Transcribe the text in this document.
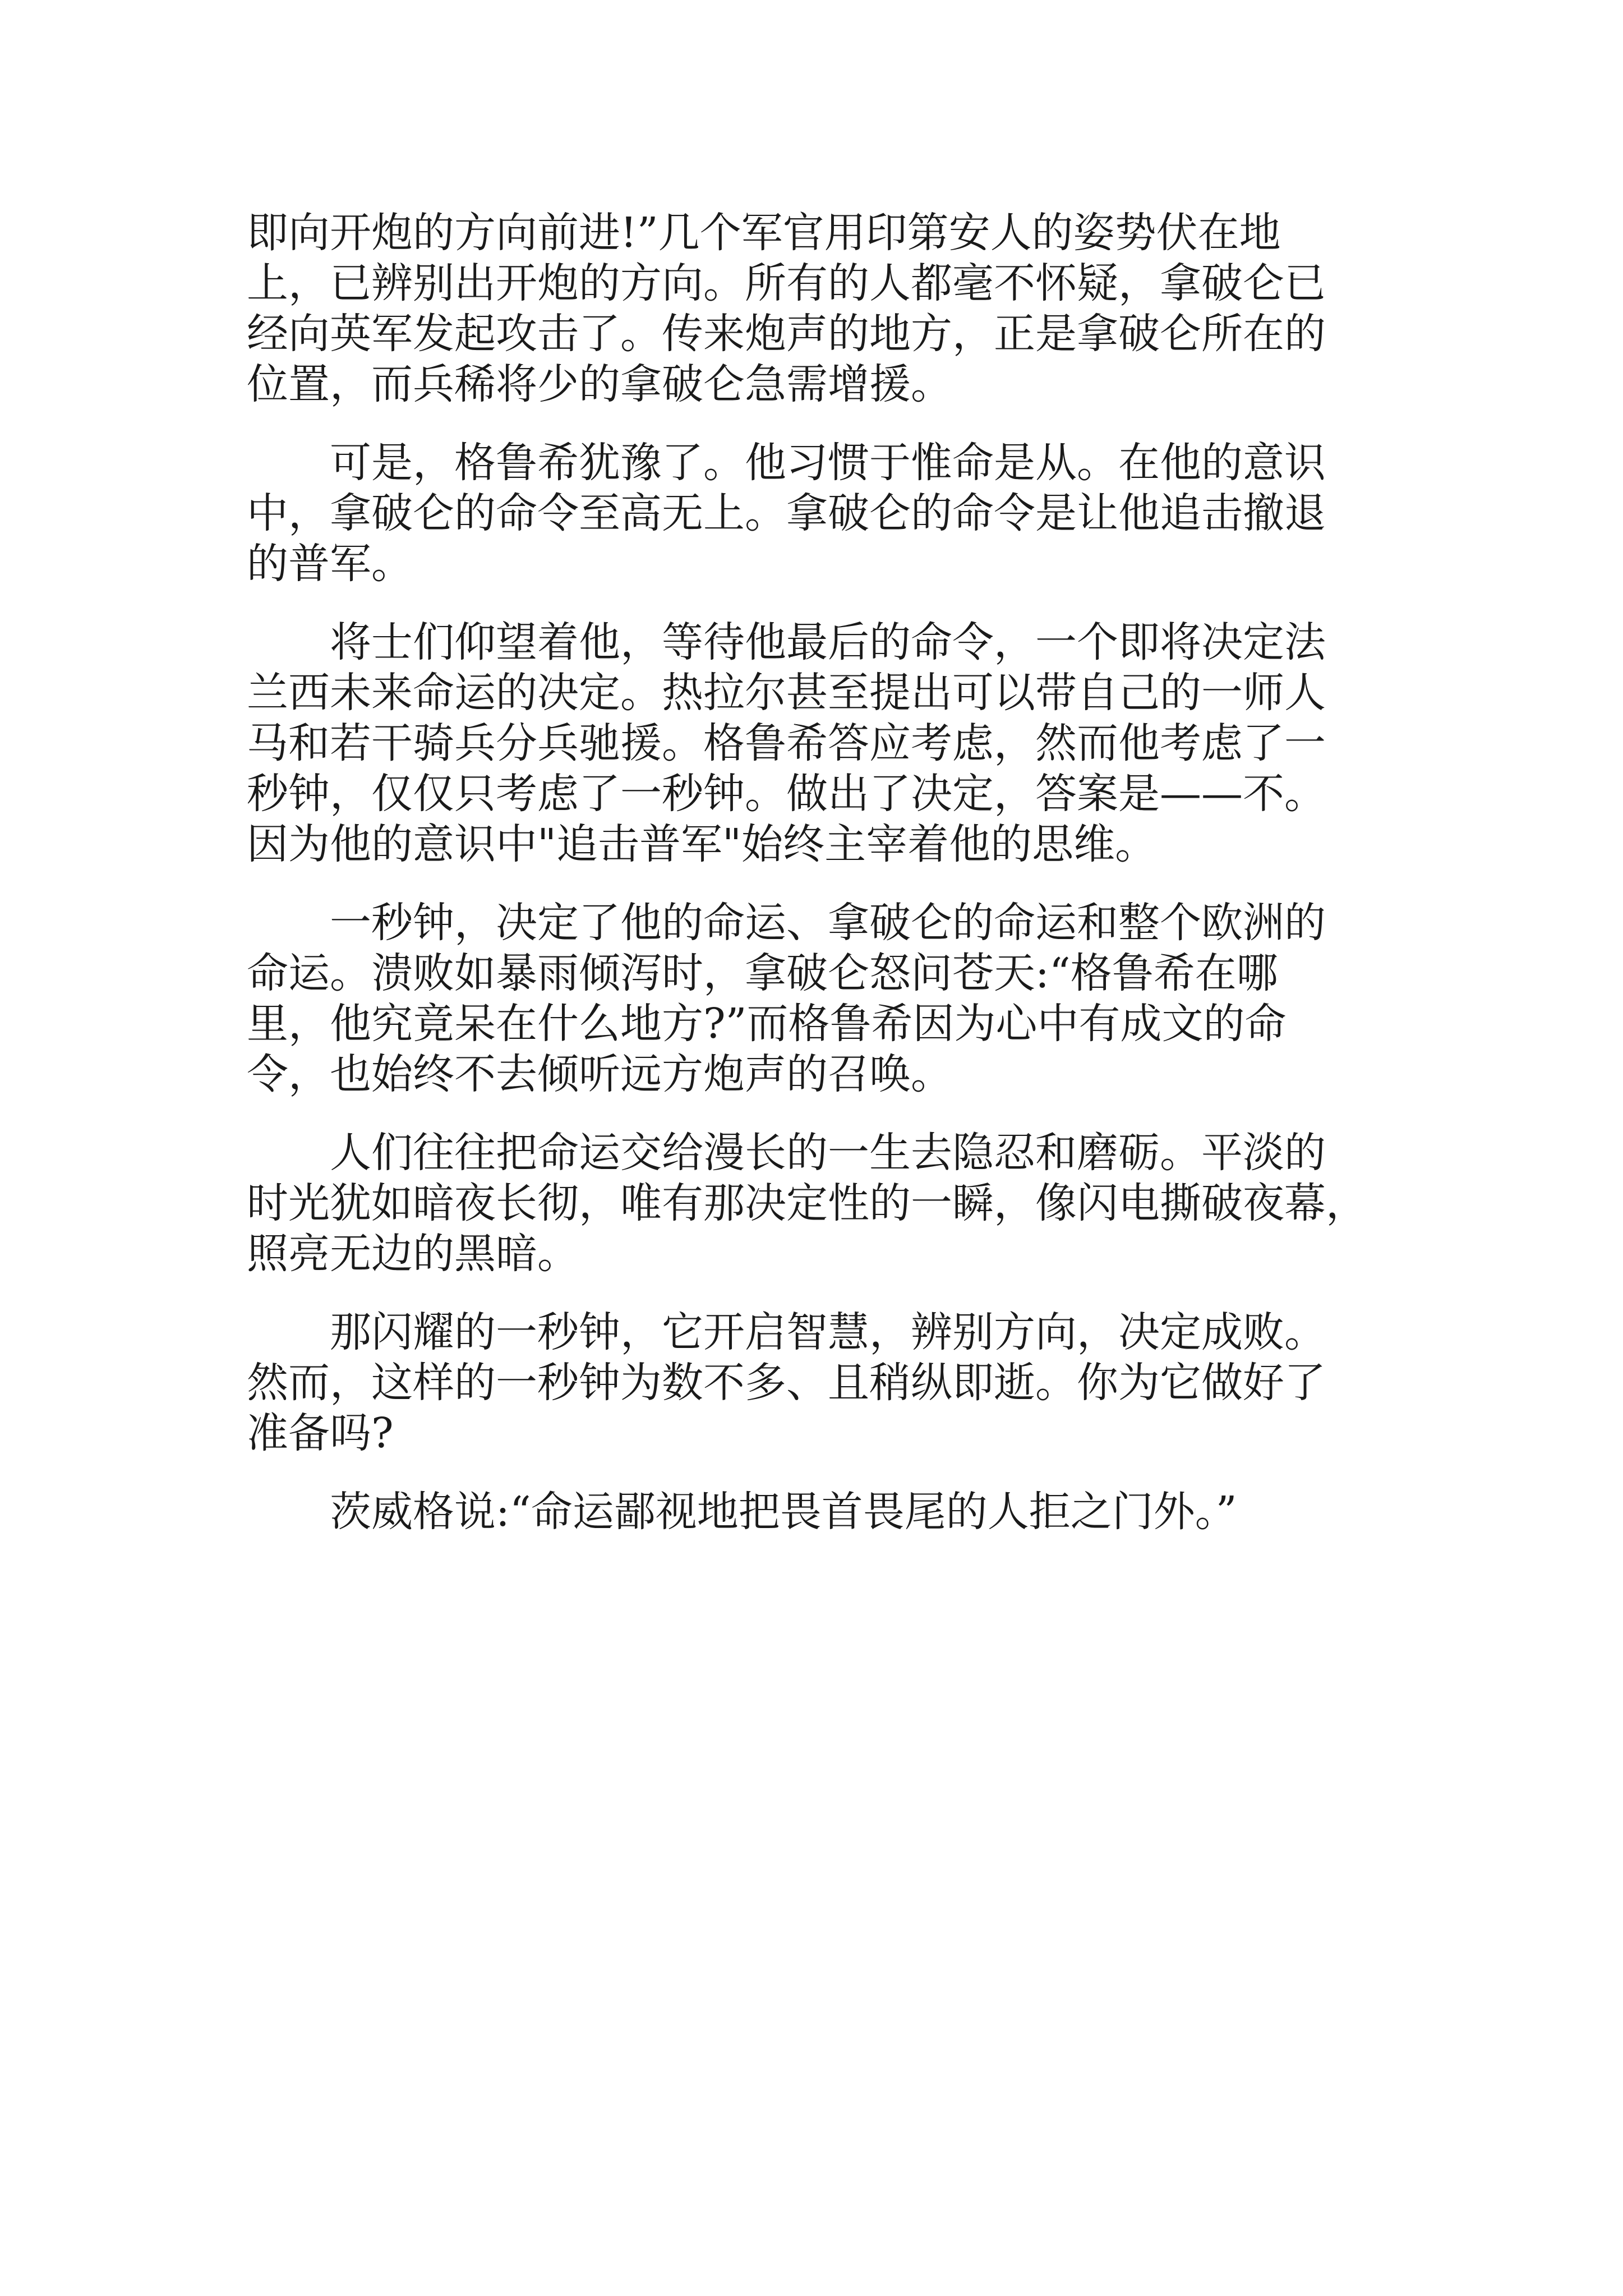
即向开炮的方向前进!”几个军官用印第安人的姿势伏在地

上，已辨别出开炮的方向。所有的人都毫不怀疑，拿破仑已

经向英军发起攻击了。传来炮声的地方，正是拿破仑所在的

位置，而兵稀将少的拿破仑急需增援。

可是，格鲁希犹豫了。他习惯于惟命是从。在他的意识

中，拿破仑的命令至高无上。拿破仑的命令是让他追击撤退

的普军。

将士们仰望着他，等待他最后的命令，一个即将决定法

兰西未来命运的决定。热拉尔甚至提出可以带自己的一师人

马和若干骑兵分兵驰援。格鲁希答应考虑，然而他考虑了一

秒钟，仅仅只考虑了一秒钟。做出了决定，答案是——不。

因为他的意识中"追击普军"始终主宰着他的思维。

一秒钟，决定了他的命运、拿破仑的命运和整个欧洲的

命运。溃败如暴雨倾泻时，拿破仑怒问苍天:“格鲁希在哪

里，他究竟呆在什么地方?”而格鲁希因为心中有成文的命

令，也始终不去倾听远方炮声的召唤。

人们往往把命运交给漫长的一生去隐忍和磨砺。平淡的

时光犹如暗夜长彻，唯有那决定性的一瞬，像闪电撕破夜幕，

照亮无边的黑暗。

那闪耀的一秒钟，它开启智慧，辨别方向，决定成败。

然而，这样的一秒钟为数不多、且稍纵即逝。你为它做好了

准备吗?

茨威格说:“命运鄙视地把畏首畏尾的人拒之门外。”
